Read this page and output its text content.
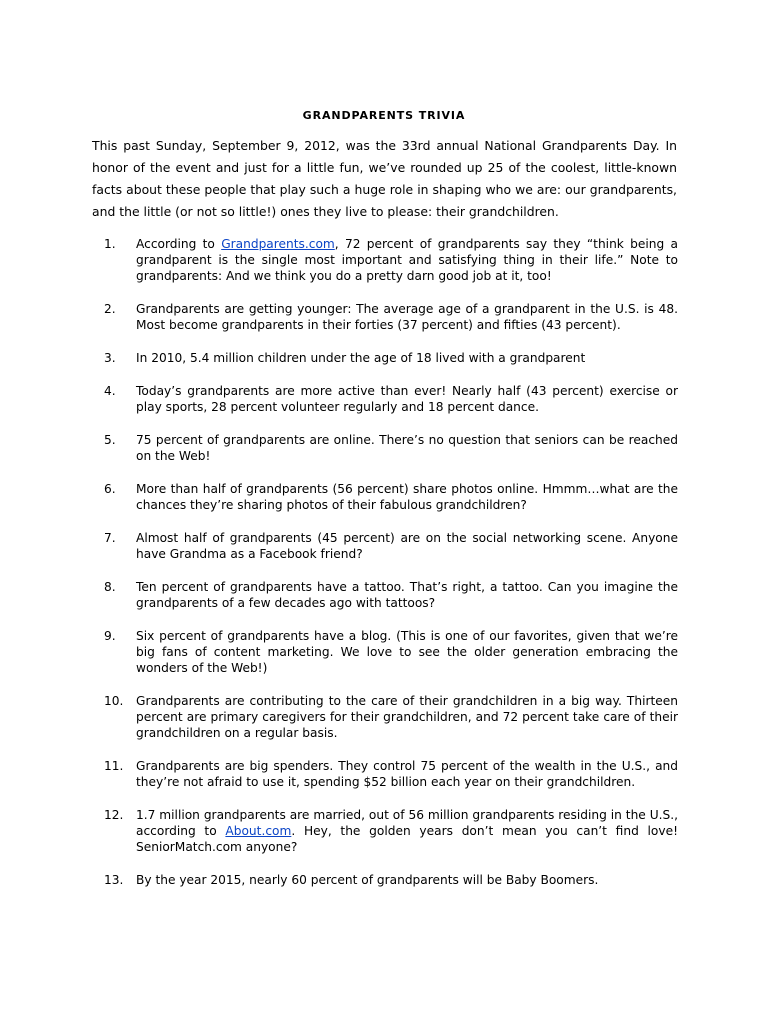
GRANDPARENTS TRIVIA

This past Sunday, September 9, 2012, was the 33rd annual National Grandparents Day. In honor of the event and just for a little fun, we’ve rounded up 25 of the coolest, little-known facts about these people that play such a huge role in shaping who we are: our grandparents, and the little (or not so little!) ones they live to please: their grandchildren.

1.	According to Grandparents.com, 72 percent of grandparents say they “think being a grandparent is the single most important and satisfying thing in their life.” Note to grandparents: And we think you do a pretty darn good job at it, too!
2.	Grandparents are getting younger: The average age of a grandparent in the U.S. is 48. Most become grandparents in their forties (37 percent) and fifties (43 percent).
3.	In 2010, 5.4 million children under the age of 18 lived with a grandparent
4.	Today’s grandparents are more active than ever! Nearly half (43 percent) exercise or play sports, 28 percent volunteer regularly and 18 percent dance.
5.	75 percent of grandparents are online. There’s no question that seniors can be reached on the Web!
6.	More than half of grandparents (56 percent) share photos online. Hmmm…what are the chances they’re sharing photos of their fabulous grandchildren?
7.	Almost half of grandparents (45 percent) are on the social networking scene. Anyone have Grandma as a Facebook friend?
8.	Ten percent of grandparents have a tattoo. That’s right, a tattoo. Can you imagine the grandparents of a few decades ago with tattoos?
9.	Six percent of grandparents have a blog. (This is one of our favorites, given that we’re big fans of content marketing. We love to see the older generation embracing the wonders of the Web!)
10.	Grandparents are contributing to the care of their grandchildren in a big way. Thirteen percent are primary caregivers for their grandchildren, and 72 percent take care of their grandchildren on a regular basis.
11.	Grandparents are big spenders. They control 75 percent of the wealth in the U.S., and they’re not afraid to use it, spending $52 billion each year on their grandchildren.
12.	1.7 million grandparents are married, out of 56 million grandparents residing in the U.S., according to About.com. Hey, the golden years don’t mean you can’t find love! SeniorMatch.com anyone?
13.	By the year 2015, nearly 60 percent of grandparents will be Baby Boomers.
